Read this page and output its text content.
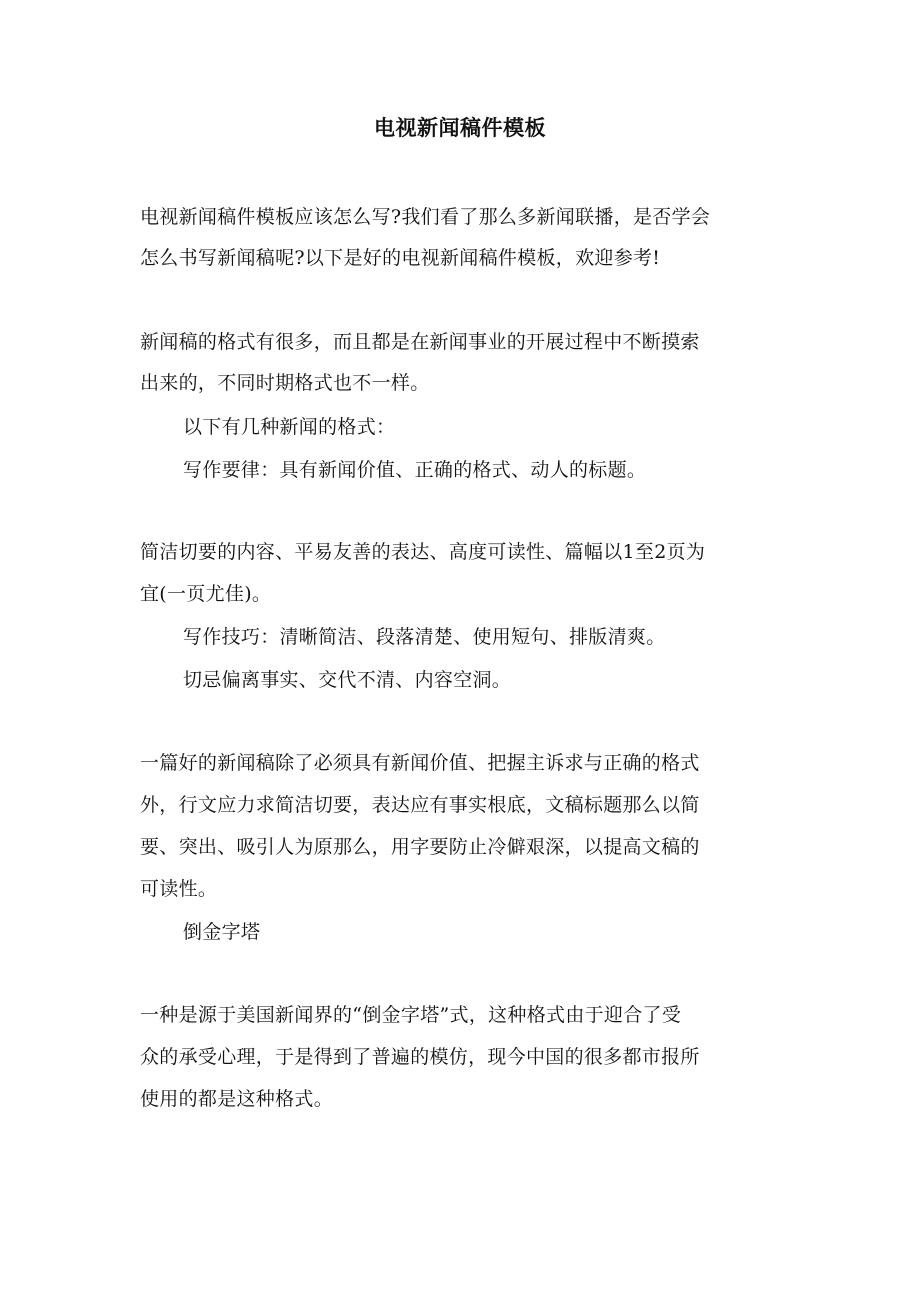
电视新闻稿件模板
电视新闻稿件模板应该怎么写?我们看了那么多新闻联播，是否学会
怎么书写新闻稿呢?以下是好的电视新闻稿件模板，欢迎参考!
新闻稿的格式有很多，而且都是在新闻事业的开展过程中不断摸索
出来的，不同时期格式也不一样。
以下有几种新闻的格式：
写作要律：具有新闻价值、正确的格式、动人的标题。
简洁切要的内容、平易友善的表达、高度可读性、篇幅以1至2页为
宜(一页尤佳)。
写作技巧：清晰简洁、段落清楚、使用短句、排版清爽。
切忌偏离事实、交代不清、内容空洞。
一篇好的新闻稿除了必须具有新闻价值、把握主诉求与正确的格式
外，行文应力求简洁切要，表达应有事实根底，文稿标题那么以简
要、突出、吸引人为原那么，用字要防止冷僻艰深，以提高文稿的
可读性。
倒金字塔
一种是源于美国新闻界的“倒金字塔”式，这种格式由于迎合了受
众的承受心理，于是得到了普遍的模仿，现今中国的很多都市报所
使用的都是这种格式。
